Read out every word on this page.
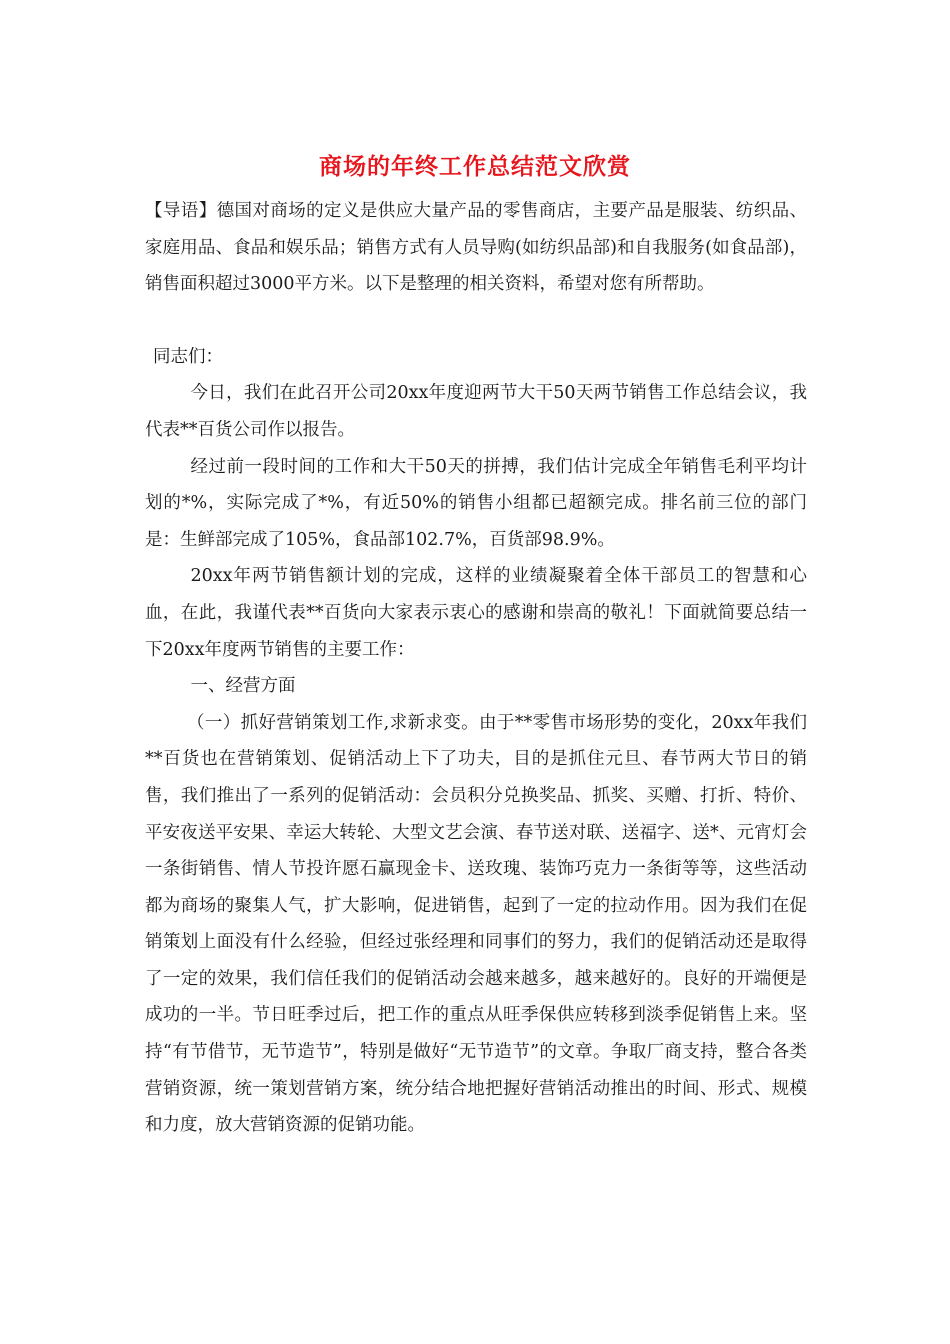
商场的年终工作总结范文欣赏

【导语】德国对商场的定义是供应大量产品的零售商店，主要产品是服装、纺织品、家庭用品、食品和娱乐品；销售方式有人员导购(如纺织品部)和自我服务(如食品部)，销售面积超过3000平方米。以下是整理的相关资料，希望对您有所帮助。

同志们：

今日，我们在此召开公司20xx年度迎两节大干50天两节销售工作总结会议，我代表**百货公司作以报告。

经过前一段时间的工作和大干50天的拼搏，我们估计完成全年销售毛利平均计划的*%，实际完成了*%，有近50%的销售小组都已超额完成。排名前三位的部门是：生鲜部完成了105%，食品部102.7%，百货部98.9%。

20xx年两节销售额计划的完成，这样的业绩凝聚着全体干部员工的智慧和心血，在此，我谨代表**百货向大家表示衷心的感谢和崇高的敬礼！下面就简要总结一下20xx年度两节销售的主要工作：

一、经营方面

（一）抓好营销策划工作,求新求变。由于**零售市场形势的变化，20xx年我们**百货也在营销策划、促销活动上下了功夫，目的是抓住元旦、春节两大节日的销售，我们推出了一系列的促销活动：会员积分兑换奖品、抓奖、买赠、打折、特价、平安夜送平安果、幸运大转轮、大型文艺会演、春节送对联、送福字、送*、元宵灯会一条街销售、情人节投许愿石赢现金卡、送玫瑰、装饰巧克力一条街等等，这些活动都为商场的聚集人气，扩大影响，促进销售，起到了一定的拉动作用。因为我们在促销策划上面没有什么经验，但经过张经理和同事们的努力，我们的促销活动还是取得了一定的效果，我们信任我们的促销活动会越来越多，越来越好的。良好的开端便是成功的一半。节日旺季过后，把工作的重点从旺季保供应转移到淡季促销售上来。坚持“有节借节，无节造节”，特别是做好“无节造节”的文章。争取厂商支持，整合各类营销资源，统一策划营销方案，统分结合地把握好营销活动推出的时间、形式、规模和力度，放大营销资源的促销功能。
